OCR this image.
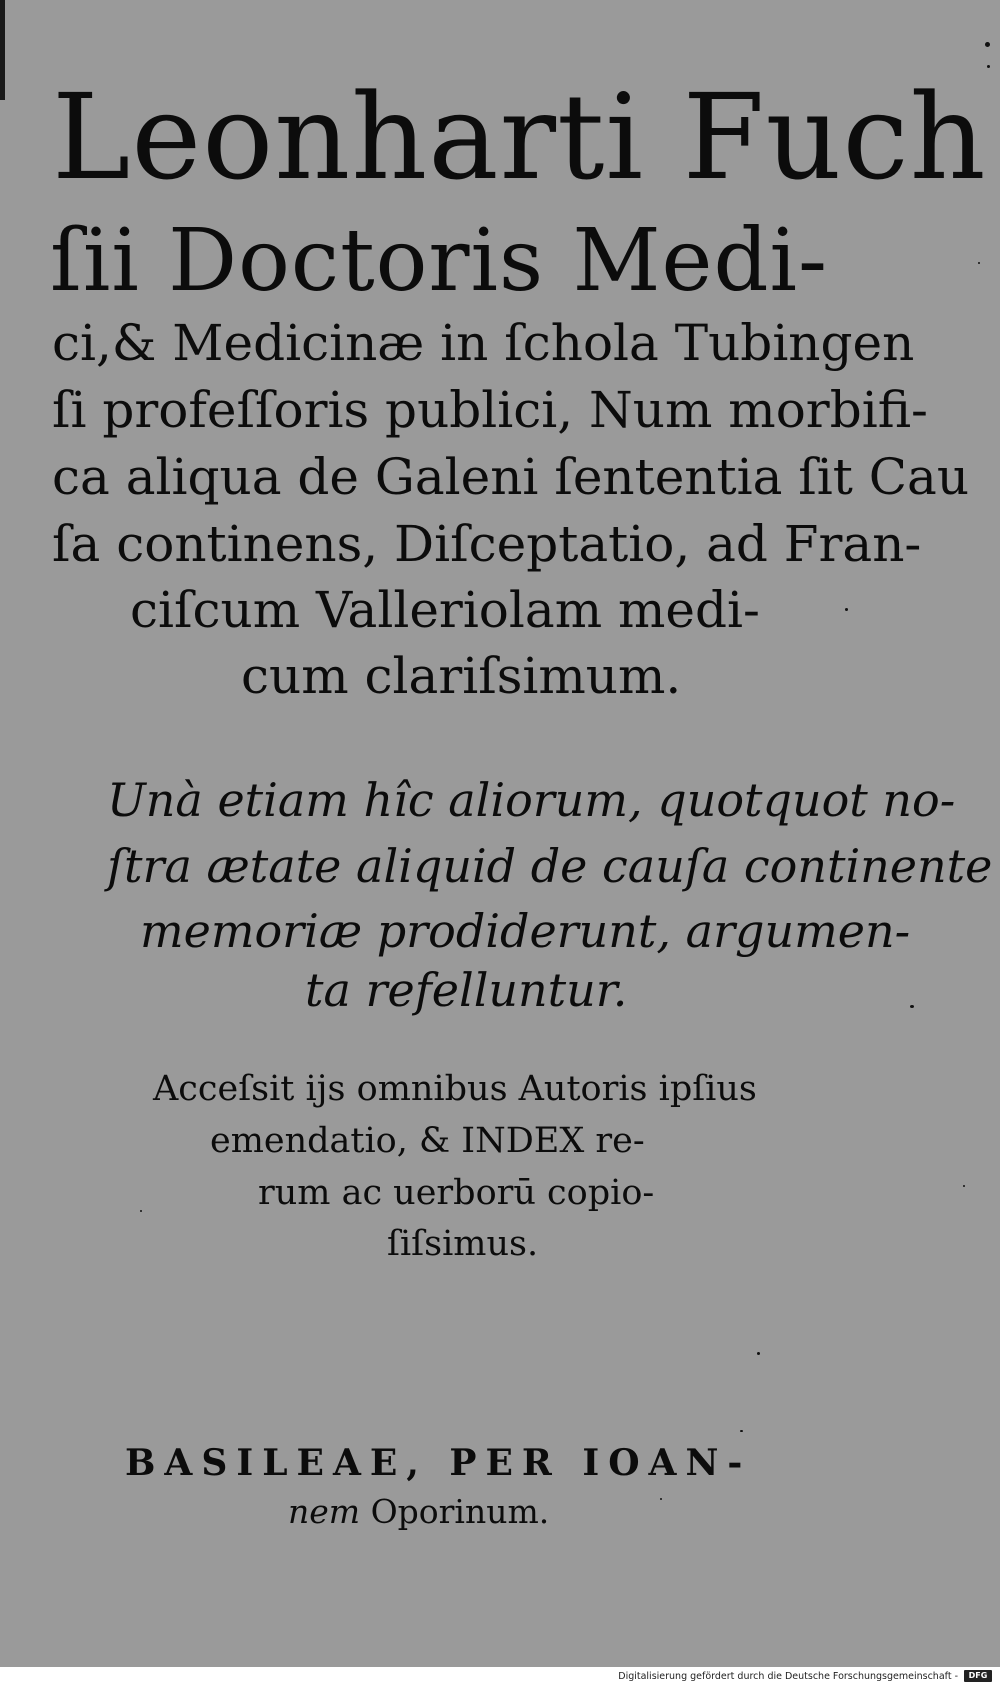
Leonharti Fuch
ſii Doctoris Medi-
ci,& Medicinæ in ſchola Tubingen
ſi profeſſoris publici, Num morbifi-
ca aliqua de Galeni ſententia ſit Cau
ſa continens, Diſceptatio, ad Fran-
ciſcum Valleriolam medi-
cum clariſsimum.
Unà etiam hîc aliorum, quotquot no-
ſtra ætate aliquid de cauſa continente
memoriæ prodiderunt, argumen-
ta refelluntur.
Acceſsit ijs omnibus Autoris ipſius
emendatio, & INDEX re-
rum ac uerborū copio-
ſiſsimus.
BASILEAE, PER IOAN-
nem Oporinum.
Digitalisierung gefördert durch die Deutsche Forschungsgemeinschaft -	DFG
